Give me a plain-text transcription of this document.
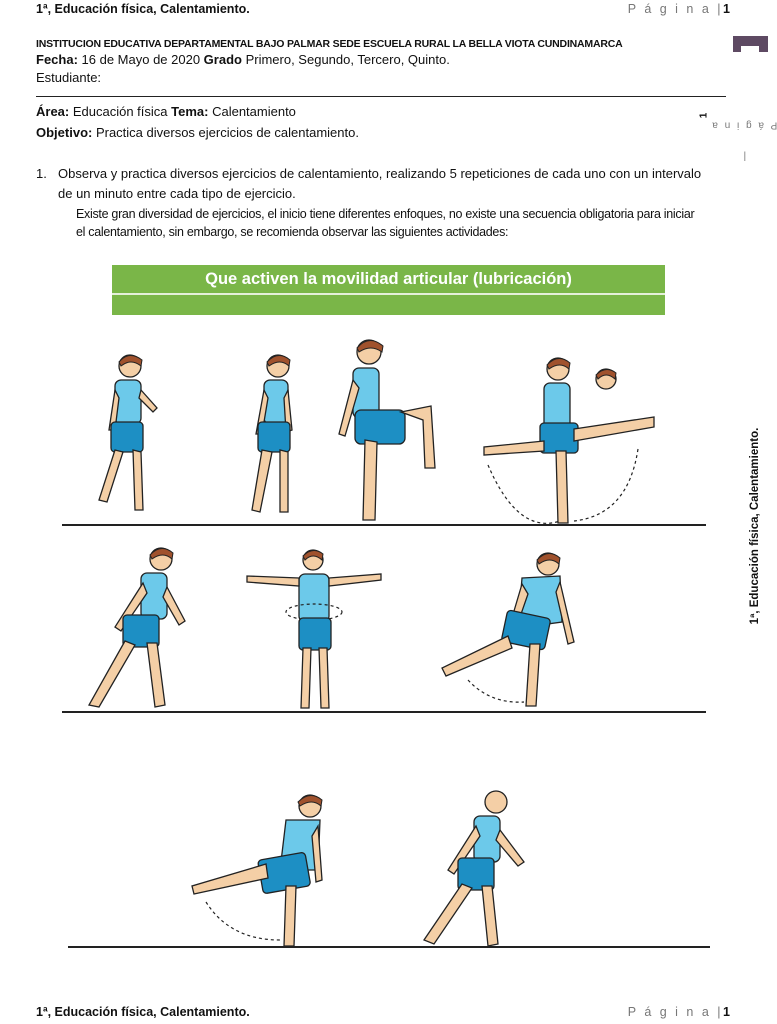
1ª, Educación física, Calentamiento.	P á g i n a |1
P á g i n a
|
1
1ª, Educación física, Calentamiento.
INSTITUCION EDUCATIVA DEPARTAMENTAL BAJO PALMAR SEDE ESCUELA RURAL LA BELLA VIOTA CUNDINAMARCA
Fecha: 16 de Mayo de 2020 Grado Primero, Segundo, Tercero, Quinto.
Estudiante:
Área: Educación física Tema: Calentamiento
Objetivo: Practica diversos ejercicios de calentamiento.
1. Observa y practica diversos ejercicios de calentamiento, realizando 5 repeticiones de cada uno con un intervalo de un minuto entre cada tipo de ejercicio.
Existe gran diversidad de ejercicios, el inicio tiene diferentes enfoques, no existe una secuencia obligatoria para iniciar el calentamiento, sin embargo, se recomienda observar las siguientes actividades:
Que activen la movilidad articular (lubricación)
1ª, Educación física, Calentamiento.	P á g i n a |1
